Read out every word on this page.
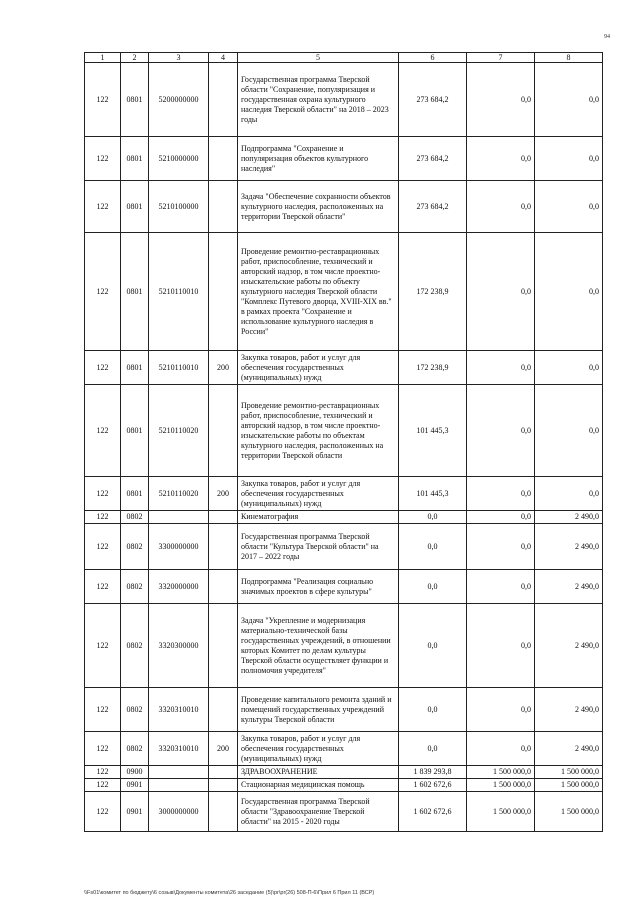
94
1	2	3	4	5	6	7	8
122	0801	5200000000		Государственная программа Тверской области "Сохранение, популяризация и государственная охрана культурного наследия Тверской области" на 2018 – 2023 годы	273 684,2	0,0	0,0
122	0801	5210000000		Подпрограмма "Сохранение и популяризация объектов культурного наследия"	273 684,2	0,0	0,0
122	0801	5210100000		Задача "Обеспечение сохранности объектов культурного наследия, расположенных на территории Тверской области"	273 684,2	0,0	0,0
122	0801	5210110010		Проведение ремонтно-реставрационных работ, приспособление, технический и авторский надзор, в том числе проектно-изыскательские работы по объекту культурного наследия Тверской области "Комплекс Путевого дворца, XVIII-XIX вв." в рамках проекта "Сохранение и использование культурного наследия в России"	172 238,9	0,0	0,0
122	0801	5210110010	200	Закупка товаров, работ и услуг для обеспечения государственных (муниципальных) нужд	172 238,9	0,0	0,0
122	0801	5210110020		Проведение ремонтно-реставрационных работ, приспособление, технический и авторский надзор, в том числе проектно-изыскательские работы по объектам культурного наследия, расположенных на территории Тверской области	101 445,3	0,0	0,0
122	0801	5210110020	200	Закупка товаров, работ и услуг для обеспечения государственных (муниципальных) нужд	101 445,3	0,0	0,0
122	0802			Кинематография	0,0	0,0	2 490,0
122	0802	3300000000		Государственная программа Тверской области "Культура Тверской области" на 2017 – 2022 годы	0,0	0,0	2 490,0
122	0802	3320000000		Подпрограмма "Реализация социально значимых проектов в сфере культуры"	0,0	0,0	2 490,0
122	0802	3320300000		Задача "Укрепление и модернизация материально-технической базы государственных учреждений, в отношении которых Комитет по делам культуры Тверской области осуществляет функции и полномочия учредителя"	0,0	0,0	2 490,0
122	0802	3320310010		Проведение капитального ремонта зданий и помещений государственных учреждений культуры Тверской области	0,0	0,0	2 490,0
122	0802	3320310010	200	Закупка товаров, работ и услуг для обеспечения государственных (муниципальных) нужд	0,0	0,0	2 490,0
122	0900			ЗДРАВООХРАНЕНИЕ	1 839 293,8	1 500 000,0	1 500 000,0
122	0901			Стационарная медицинская помощь	1 602 672,6	1 500 000,0	1 500 000,0
122	0901	3000000000		Государственная программа Тверской области "Здравоохранение Тверской области" на 2015 - 2020 годы	1 602 672,6	1 500 000,0	1 500 000,0
\\Fs01\комитет по бюджету\6 созыв\Документы комитета\26 заседание (5)\pr\pr(26) 508-П-6\Прил 6 Прил 11 (ВСР)
